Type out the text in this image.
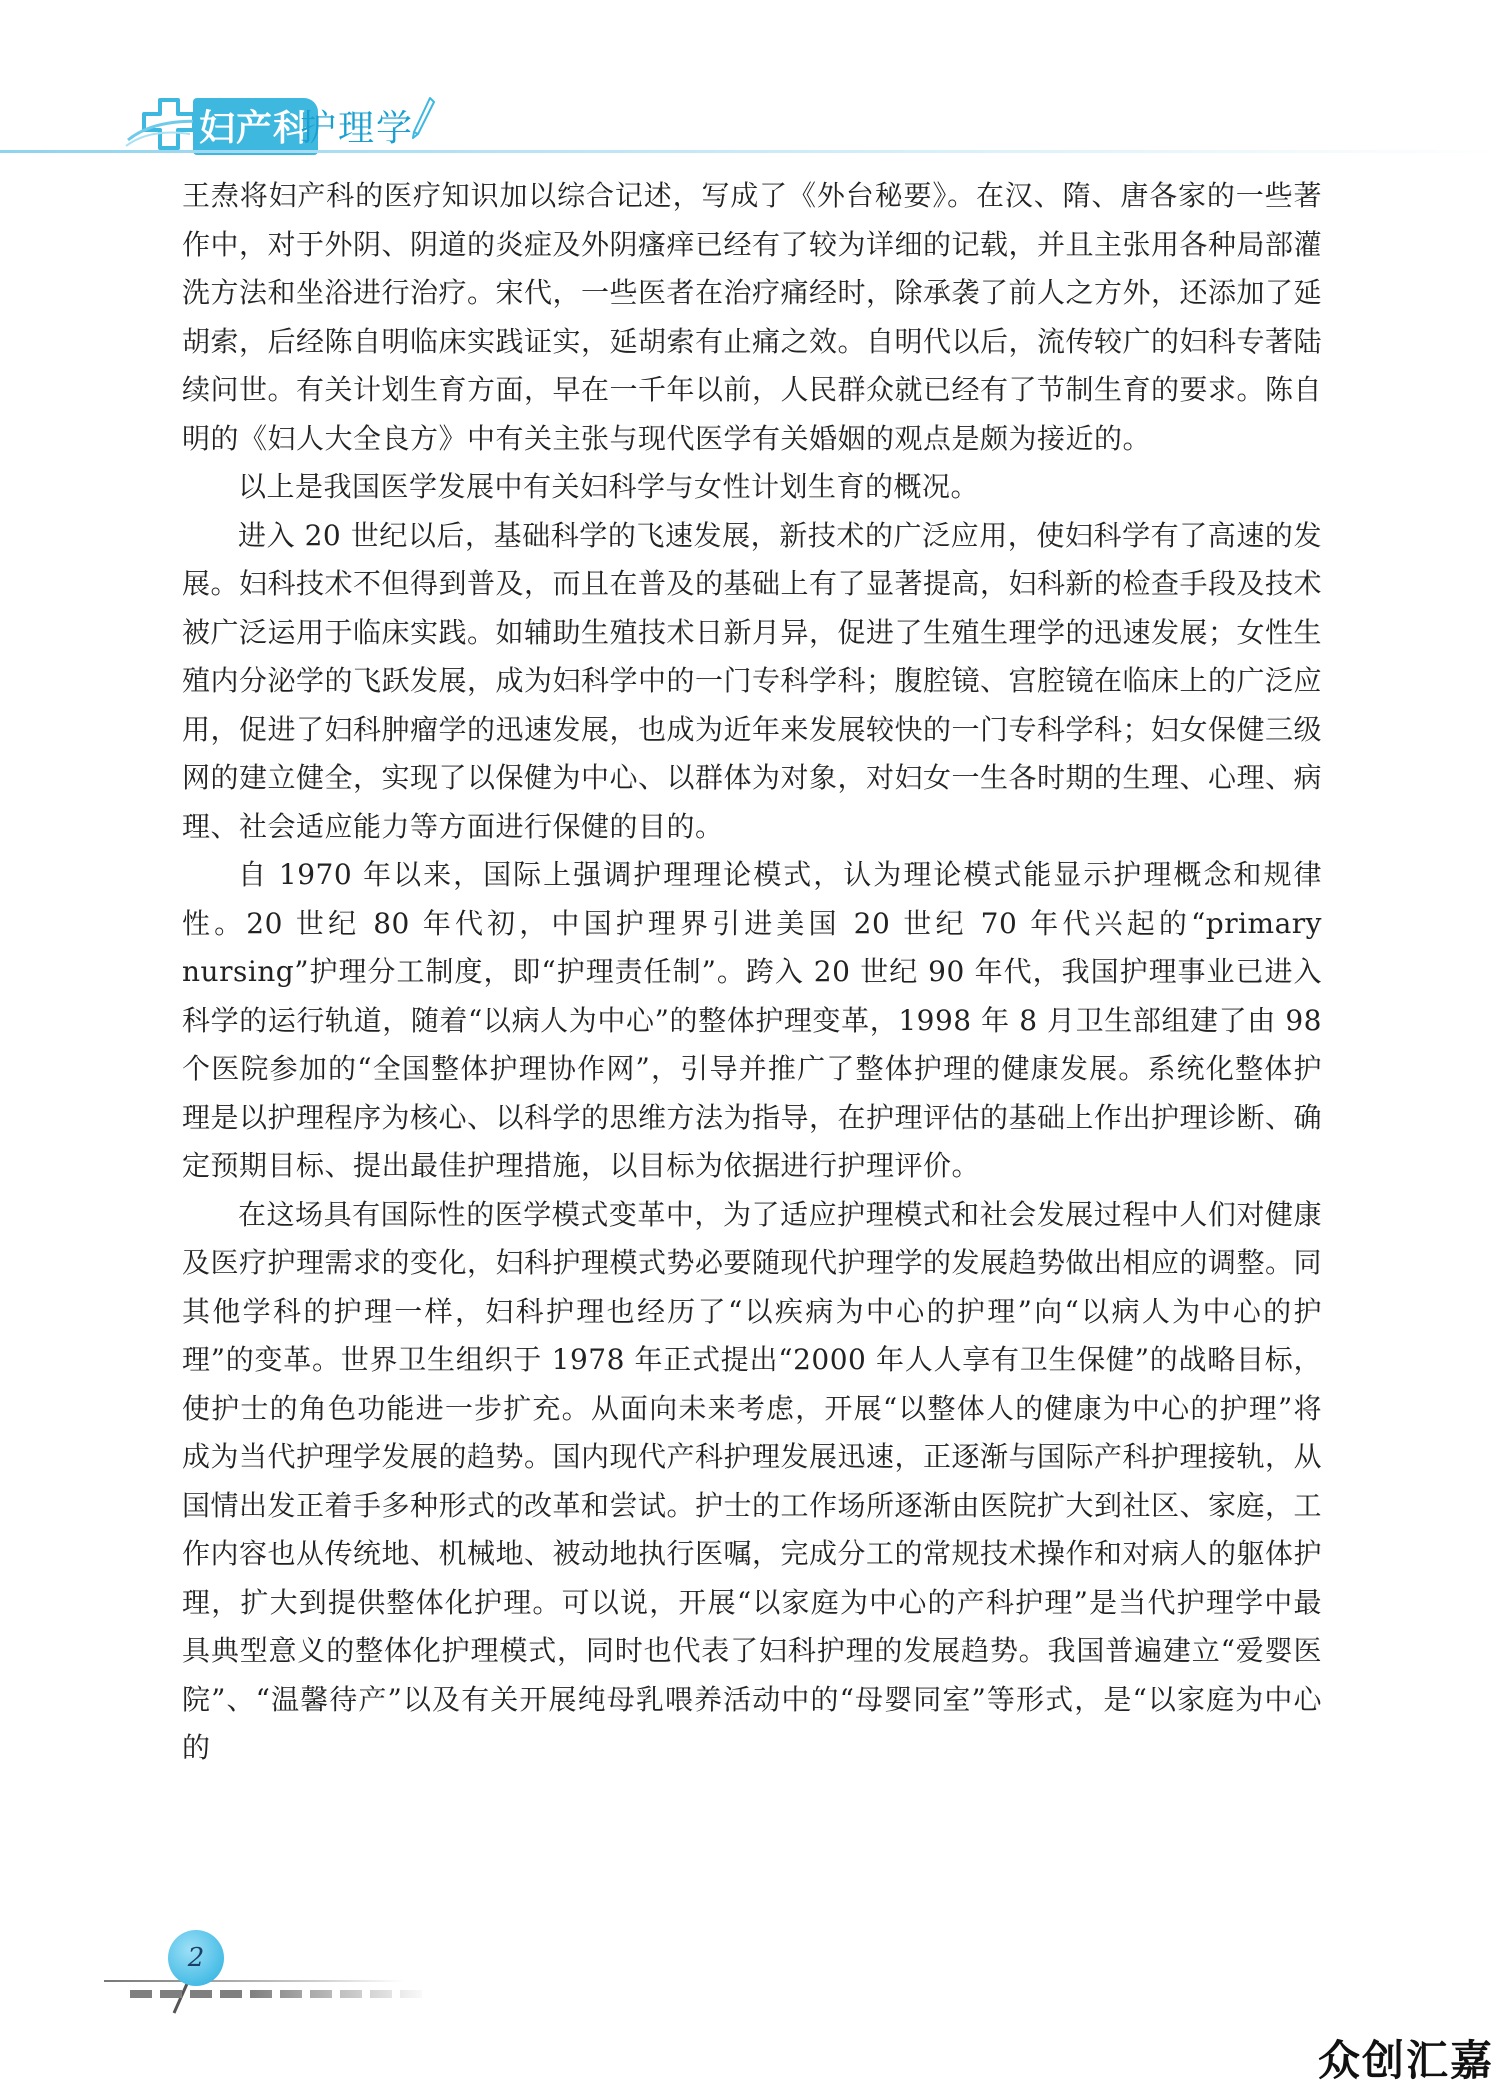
妇产科
护理学

王焘将妇产科的医疗知识加以综合记述，写成了《外台秘要》。在汉、隋、唐各家的一些著作中，对于外阴、阴道的炎症及外阴瘙痒已经有了较为详细的记载，并且主张用各种局部灌洗方法和坐浴进行治疗。宋代，一些医者在治疗痛经时，除承袭了前人之方外，还添加了延胡索，后经陈自明临床实践证实，延胡索有止痛之效。自明代以后，流传较广的妇科专著陆续问世。有关计划生育方面，早在一千年以前，人民群众就已经有了节制生育的要求。陈自明的《妇人大全良方》中有关主张与现代医学有关婚姻的观点是颇为接近的。

以上是我国医学发展中有关妇科学与女性计划生育的概况。

进入 20 世纪以后，基础科学的飞速发展，新技术的广泛应用，使妇科学有了高速的发展。妇科技术不但得到普及，而且在普及的基础上有了显著提高，妇科新的检查手段及技术被广泛运用于临床实践。如辅助生殖技术日新月异，促进了生殖生理学的迅速发展；女性生殖内分泌学的飞跃发展，成为妇科学中的一门专科学科；腹腔镜、宫腔镜在临床上的广泛应用，促进了妇科肿瘤学的迅速发展，也成为近年来发展较快的一门专科学科；妇女保健三级网的建立健全，实现了以保健为中心、以群体为对象，对妇女一生各时期的生理、心理、病理、社会适应能力等方面进行保健的目的。

自 1970 年以来，国际上强调护理理论模式，认为理论模式能显示护理概念和规律性。20 世纪 80 年代初，中国护理界引进美国 20 世纪 70 年代兴起的“primary nursing”护理分工制度，即“护理责任制”。跨入 20 世纪 90 年代，我国护理事业已进入科学的运行轨道，随着“以病人为中心”的整体护理变革，1998 年 8 月卫生部组建了由 98 个医院参加的“全国整体护理协作网”，引导并推广了整体护理的健康发展。系统化整体护理是以护理程序为核心、以科学的思维方法为指导，在护理评估的基础上作出护理诊断、确定预期目标、提出最佳护理措施，以目标为依据进行护理评价。

在这场具有国际性的医学模式变革中，为了适应护理模式和社会发展过程中人们对健康及医疗护理需求的变化，妇科护理模式势必要随现代护理学的发展趋势做出相应的调整。同其他学科的护理一样，妇科护理也经历了“以疾病为中心的护理”向“以病人为中心的护理”的变革。世界卫生组织于 1978 年正式提出“2000 年人人享有卫生保健”的战略目标，使护士的角色功能进一步扩充。从面向未来考虑，开展“以整体人的健康为中心的护理”将成为当代护理学发展的趋势。国内现代产科护理发展迅速，正逐渐与国际产科护理接轨，从国情出发正着手多种形式的改革和尝试。护士的工作场所逐渐由医院扩大到社区、家庭，工作内容也从传统地、机械地、被动地执行医嘱，完成分工的常规技术操作和对病人的躯体护理，扩大到提供整体化护理。可以说，开展“以家庭为中心的产科护理”是当代护理学中最具典型意义的整体化护理模式，同时也代表了妇科护理的发展趋势。我国普遍建立“爱婴医院”、“温馨待产”以及有关开展纯母乳喂养活动中的“母婴同室”等形式，是“以家庭为中心的

2
众创汇嘉
